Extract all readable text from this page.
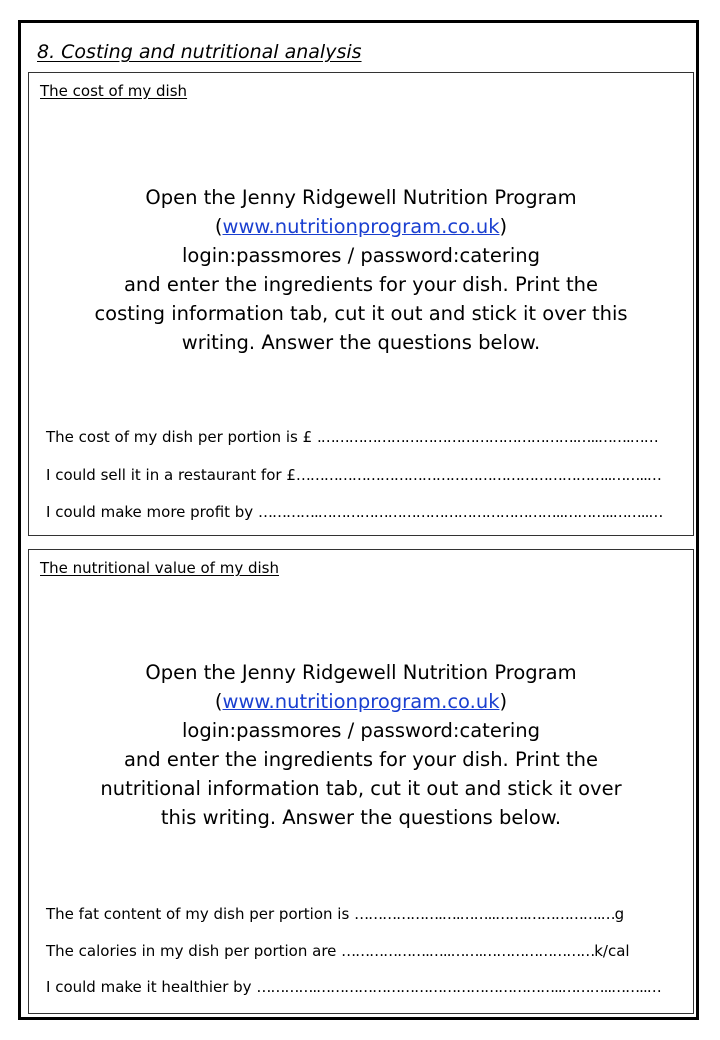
8. Costing and nutritional analysis
The cost of my dish
Open the Jenny Ridgewell Nutrition Program
(www.nutritionprogram.co.uk)
login:passmores / password:catering
and enter the ingredients for your dish. Print the
costing information tab, cut it out and stick it over this
writing. Answer the questions below.
The cost of my dish per portion is £ .……………………………………………….…..…….……
I could sell it in a restaurant for £…………………………………………………………..……..…
I could make more profit by ………….……………………………………………..………..……..…
The nutritional value of my dish
Open the Jenny Ridgewell Nutrition Program
(www.nutritionprogram.co.uk)
login:passmores / password:catering
and enter the ingredients for your dish. Print the
nutritional information tab, cut it out and stick it over
this writing. Answer the questions below.
The fat content of my dish per portion is ……………….….……..…….…………….…g
The calories in my dish per portion are ……………….…..…….……………………k/cal
I could make it healthier by ………….……………………………………………..………..……..…
